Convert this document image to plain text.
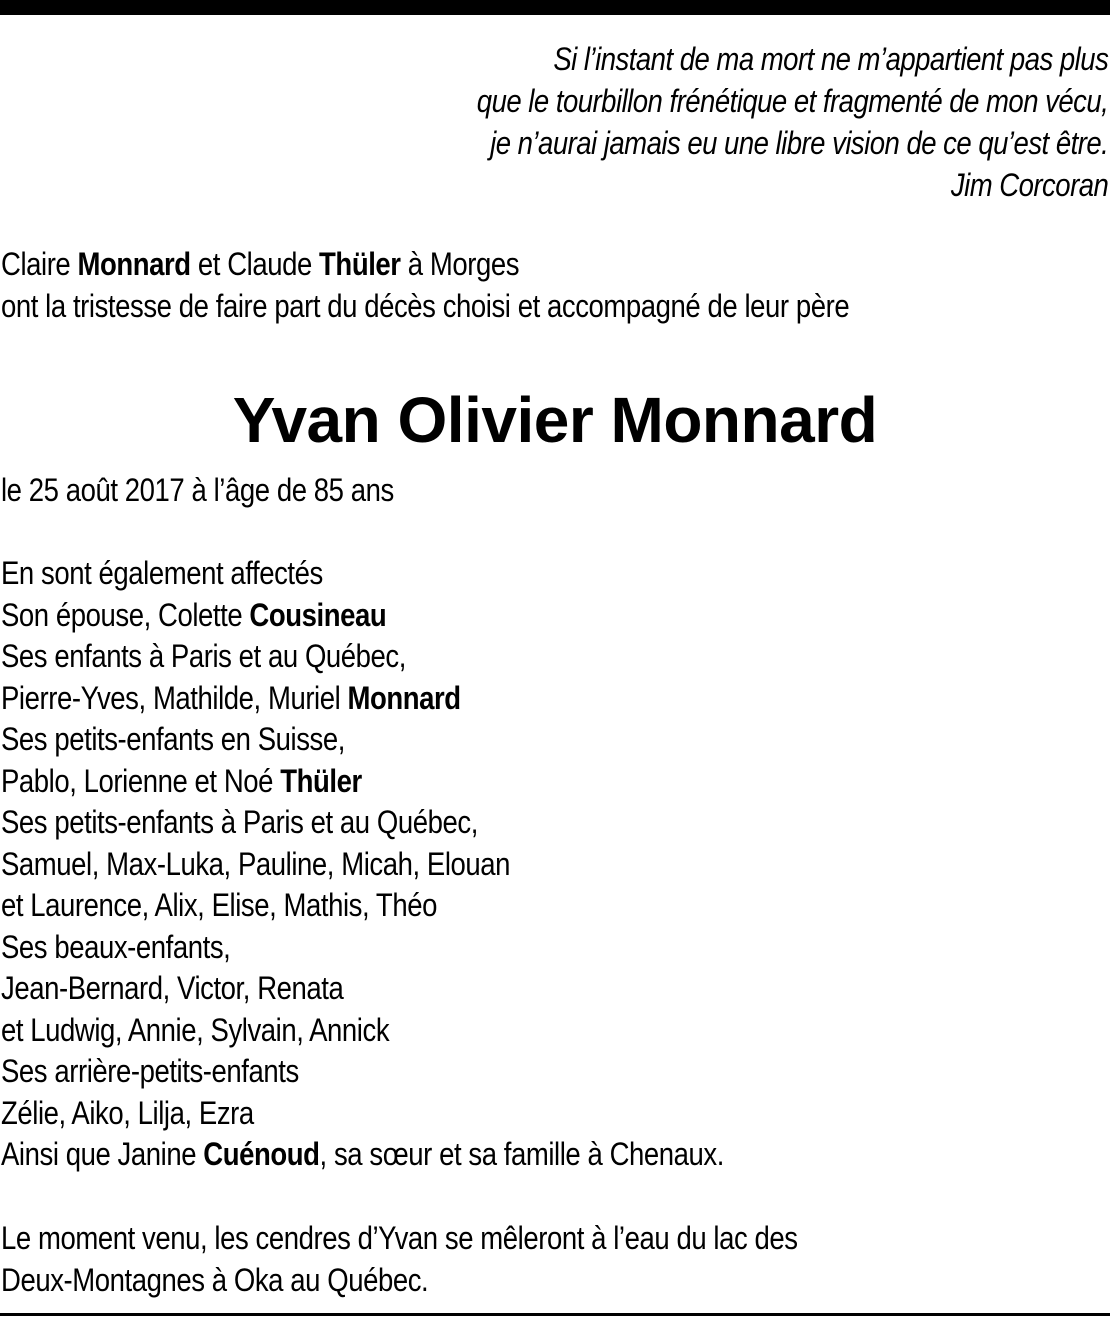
Si l’instant de ma mort ne m’appartient pas plus
que le tourbillon frénétique et fragmenté de mon vécu,
je n’aurai jamais eu une libre vision de ce qu’est être.
Jim Corcoran
Claire Monnard et Claude Thüler à Morges
ont la tristesse de faire part du décès choisi et accompagné de leur père
Yvan Olivier Monnard
le 25 août 2017 à l’âge de 85 ans
En sont également affectés
Son épouse, Colette Cousineau
Ses enfants à Paris et au Québec,
Pierre-Yves, Mathilde, Muriel Monnard
Ses petits-enfants en Suisse,
Pablo, Lorienne et Noé Thüler
Ses petits-enfants à Paris et au Québec,
Samuel, Max-Luka, Pauline, Micah, Elouan
et Laurence, Alix, Elise, Mathis, Théo
Ses beaux-enfants,
Jean-Bernard, Victor, Renata
et Ludwig, Annie, Sylvain, Annick
Ses arrière-petits-enfants
Zélie, Aiko, Lilja, Ezra
Ainsi que Janine Cuénoud, sa sœur et sa famille à Chenaux.
Le moment venu, les cendres d’Yvan se mêleront à l’eau du lac des
Deux-Montagnes à Oka au Québec.
